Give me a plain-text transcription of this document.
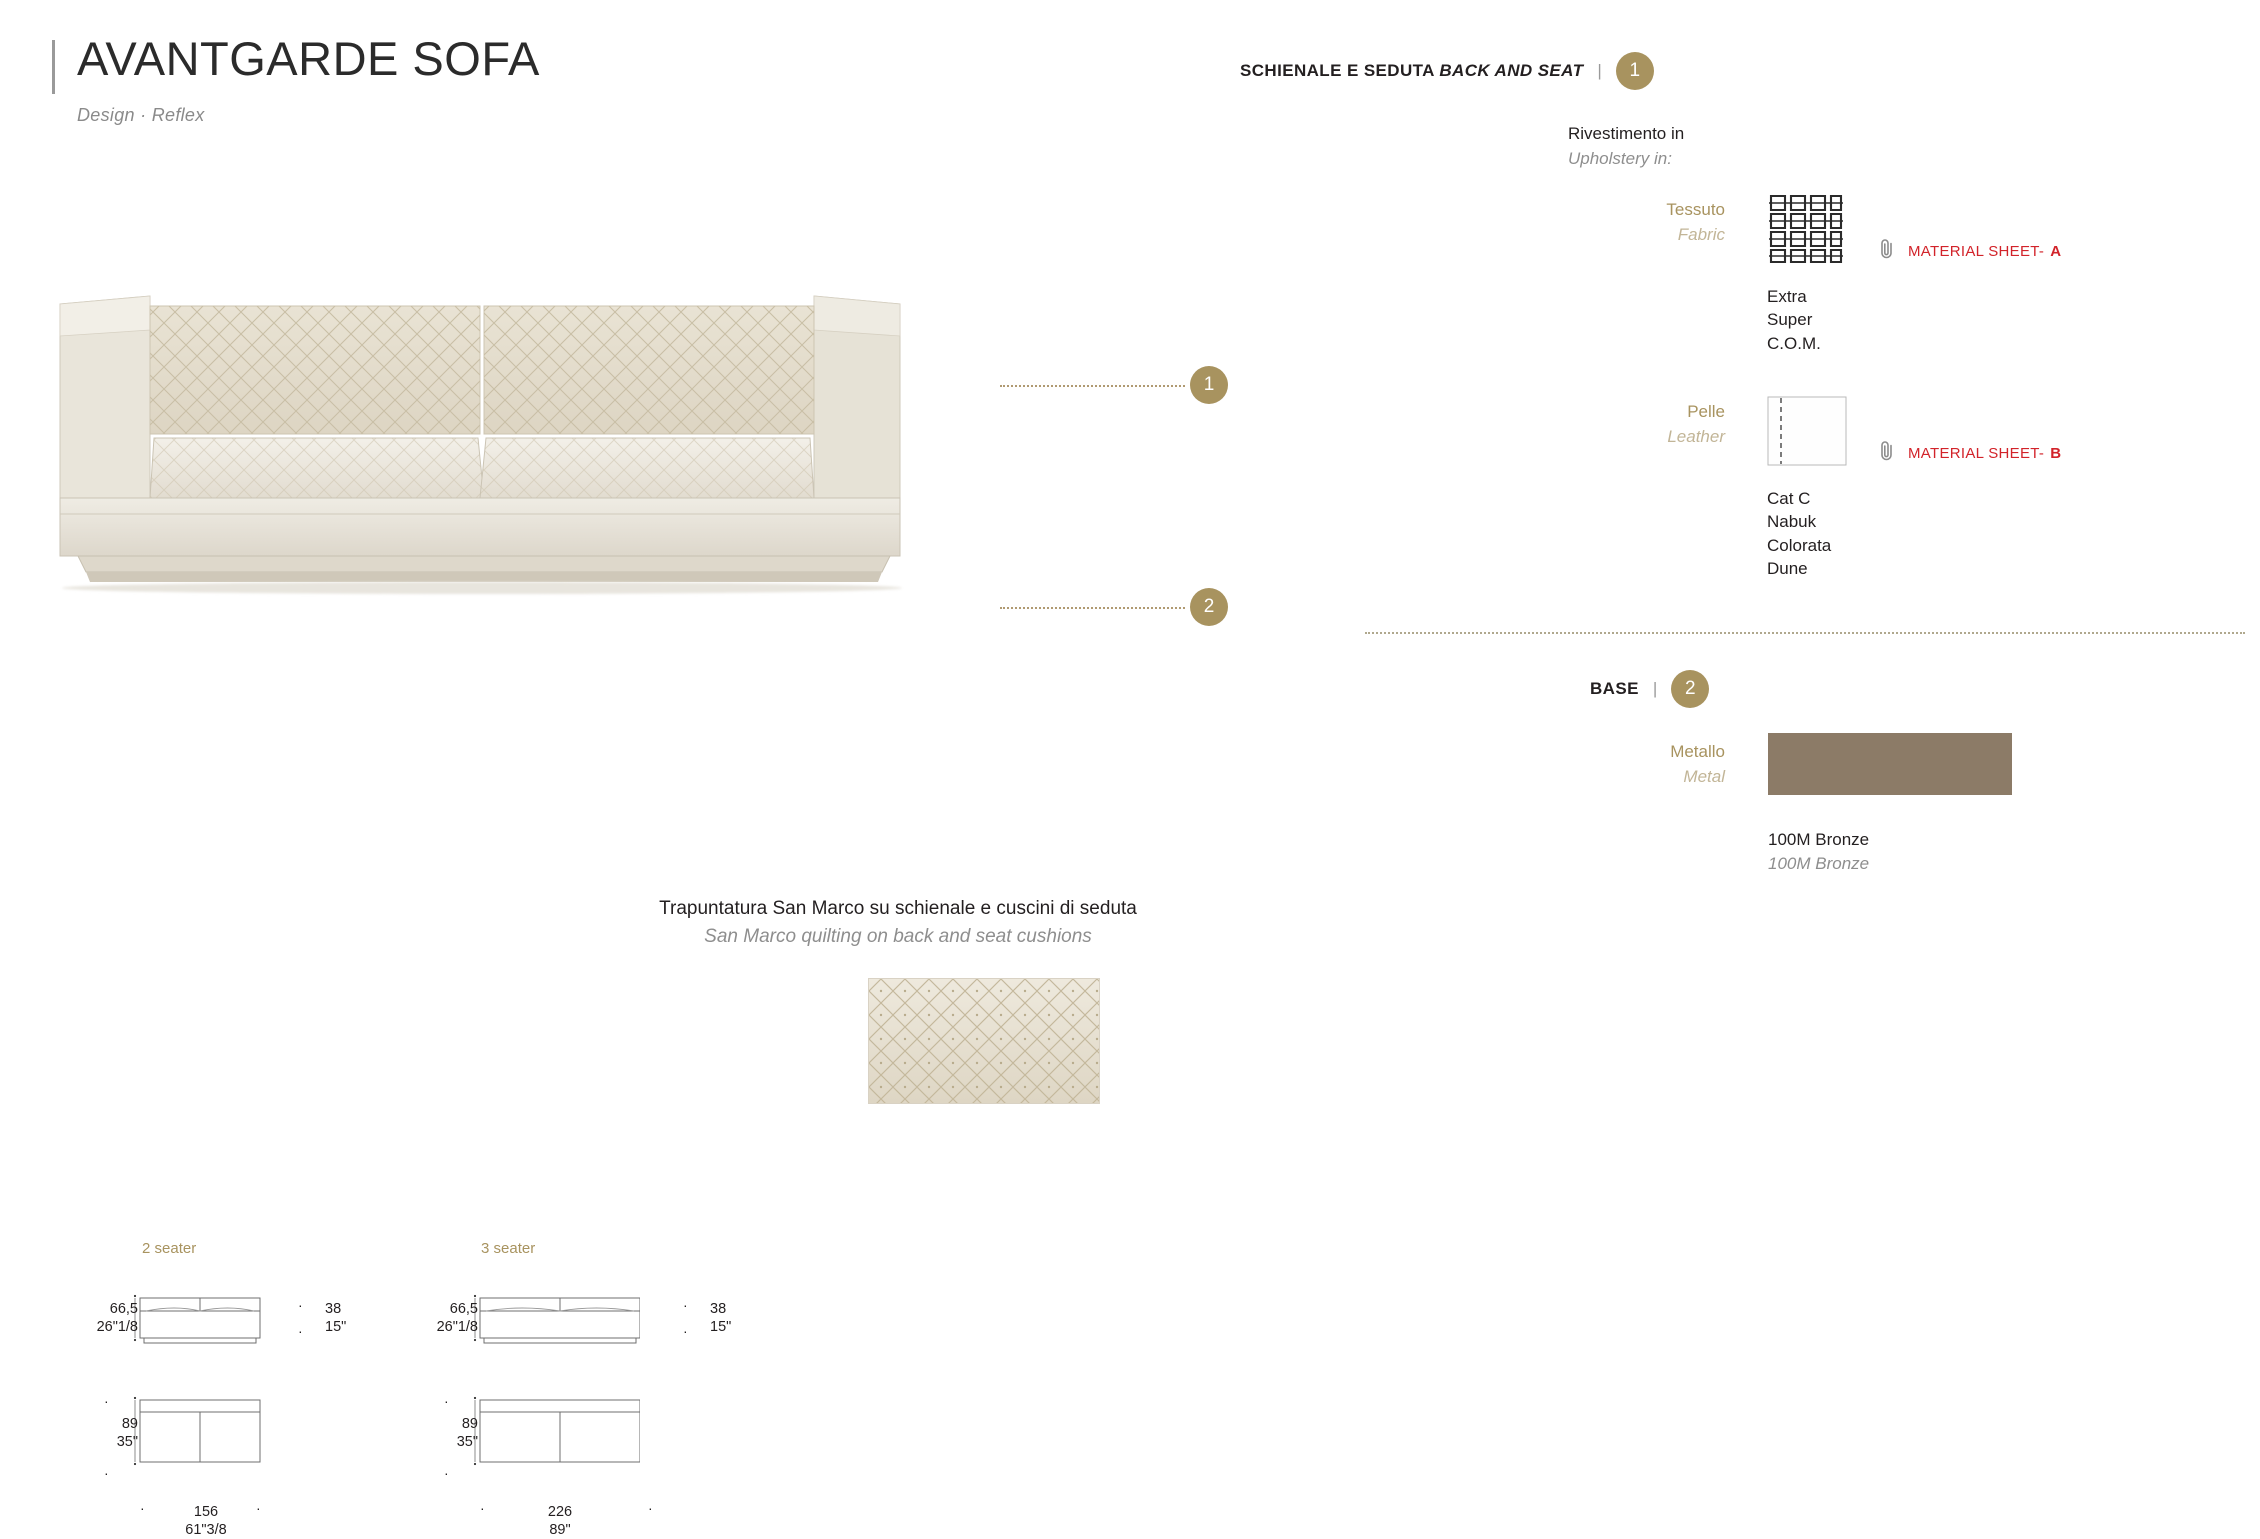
AVANTGARDE SOFA
Design · Reflex
1
2
Trapuntatura San Marco su schienale e cuscini di seduta
San Marco quilting on back and seat cushions
2 seater	3 seater
66,5
26"1/8
38
15"
·
·
89
35"
·
·
156
61"3/8
·	·
66,5
26"1/8
38
15"
·
·
89
35"
·
·
226
89"
·	·
SCHIENALE E SEDUTA BACK AND SEAT |	1
Rivestimento in
Upholstery in:
Tessuto
Fabric
MATERIAL SHEET- A
Extra
Super
C.O.M.
Pelle
Leather
MATERIAL SHEET- B
Cat C
Nabuk
Colorata
Dune
BASE |	2
Metallo
Metal
100M Bronze
100M Bronze
